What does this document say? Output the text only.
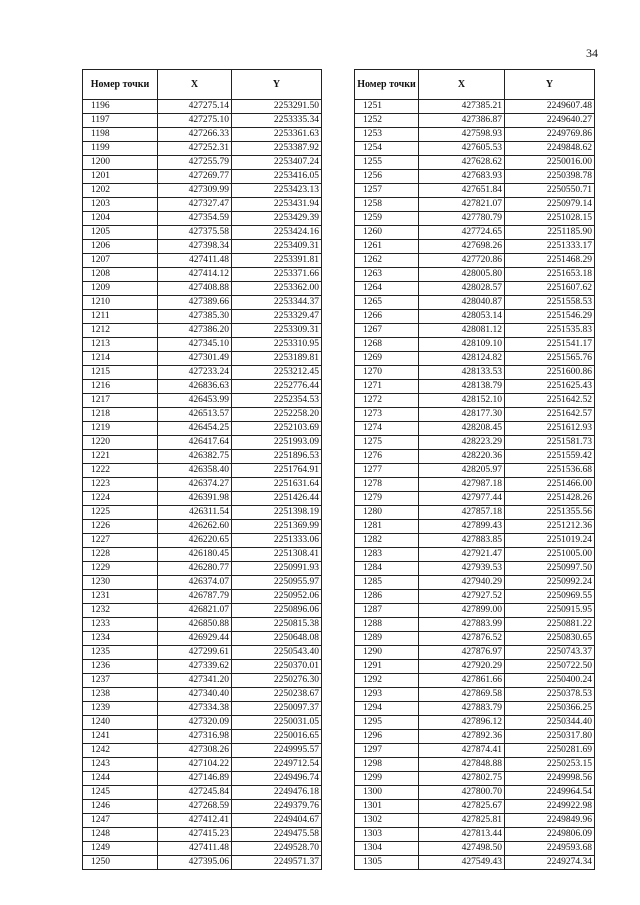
34
Номер точки	X	Y
1196	427275.14	2253291.50
1197	427275.10	2253335.34
1198	427266.33	2253361.63
1199	427252.31	2253387.92
1200	427255.79	2253407.24
1201	427269.77	2253416.05
1202	427309.99	2253423.13
1203	427327.47	2253431.94
1204	427354.59	2253429.39
1205	427375.58	2253424.16
1206	427398.34	2253409.31
1207	427411.48	2253391.81
1208	427414.12	2253371.66
1209	427408.88	2253362.00
1210	427389.66	2253344.37
1211	427385.30	2253329.47
1212	427386.20	2253309.31
1213	427345.10	2253310.95
1214	427301.49	2253189.81
1215	427233.24	2253212.45
1216	426836.63	2252776.44
1217	426453.99	2252354.53
1218	426513.57	2252258.20
1219	426454.25	2252103.69
1220	426417.64	2251993.09
1221	426382.75	2251896.53
1222	426358.40	2251764.91
1223	426374.27	2251631.64
1224	426391.98	2251426.44
1225	426311.54	2251398.19
1226	426262.60	2251369.99
1227	426220.65	2251333.06
1228	426180.45	2251308.41
1229	426280.77	2250991.93
1230	426374.07	2250955.97
1231	426787.79	2250952.06
1232	426821.07	2250896.06
1233	426850.88	2250815.38
1234	426929.44	2250648.08
1235	427299.61	2250543.40
1236	427339.62	2250370.01
1237	427341.20	2250276.30
1238	427340.40	2250238.67
1239	427334.38	2250097.37
1240	427320.09	2250031.05
1241	427316.98	2250016.65
1242	427308.26	2249995.57
1243	427104.22	2249712.54
1244	427146.89	2249496.74
1245	427245.84	2249476.18
1246	427268.59	2249379.76
1247	427412.41	2249404.67
1248	427415.23	2249475.58
1249	427411.48	2249528.70
1250	427395.06	2249571.37
Номер точки	X	Y
1251	427385.21	2249607.48
1252	427386.87	2249640.27
1253	427598.93	2249769.86
1254	427605.53	2249848.62
1255	427628.62	2250016.00
1256	427683.93	2250398.78
1257	427651.84	2250550.71
1258	427821.07	2250979.14
1259	427780.79	2251028.15
1260	427724.65	2251185.90
1261	427698.26	2251333.17
1262	427720.86	2251468.29
1263	428005.80	2251653.18
1264	428028.57	2251607.62
1265	428040.87	2251558.53
1266	428053.14	2251546.29
1267	428081.12	2251535.83
1268	428109.10	2251541.17
1269	428124.82	2251565.76
1270	428133.53	2251600.86
1271	428138.79	2251625.43
1272	428152.10	2251642.52
1273	428177.30	2251642.57
1274	428208.45	2251612.93
1275	428223.29	2251581.73
1276	428220.36	2251559.42
1277	428205.97	2251536.68
1278	427987.18	2251466.00
1279	427977.44	2251428.26
1280	427857.18	2251355.56
1281	427899.43	2251212.36
1282	427883.85	2251019.24
1283	427921.47	2251005.00
1284	427939.53	2250997.50
1285	427940.29	2250992.24
1286	427927.52	2250969.55
1287	427899.00	2250915.95
1288	427883.99	2250881.22
1289	427876.52	2250830.65
1290	427876.97	2250743.37
1291	427920.29	2250722.50
1292	427861.66	2250400.24
1293	427869.58	2250378.53
1294	427883.79	2250366.25
1295	427896.12	2250344.40
1296	427892.36	2250317.80
1297	427874.41	2250281.69
1298	427848.88	2250253.15
1299	427802.75	2249998.56
1300	427800.70	2249964.54
1301	427825.67	2249922.98
1302	427825.81	2249849.96
1303	427813.44	2249806.09
1304	427498.50	2249593.68
1305	427549.43	2249274.34
